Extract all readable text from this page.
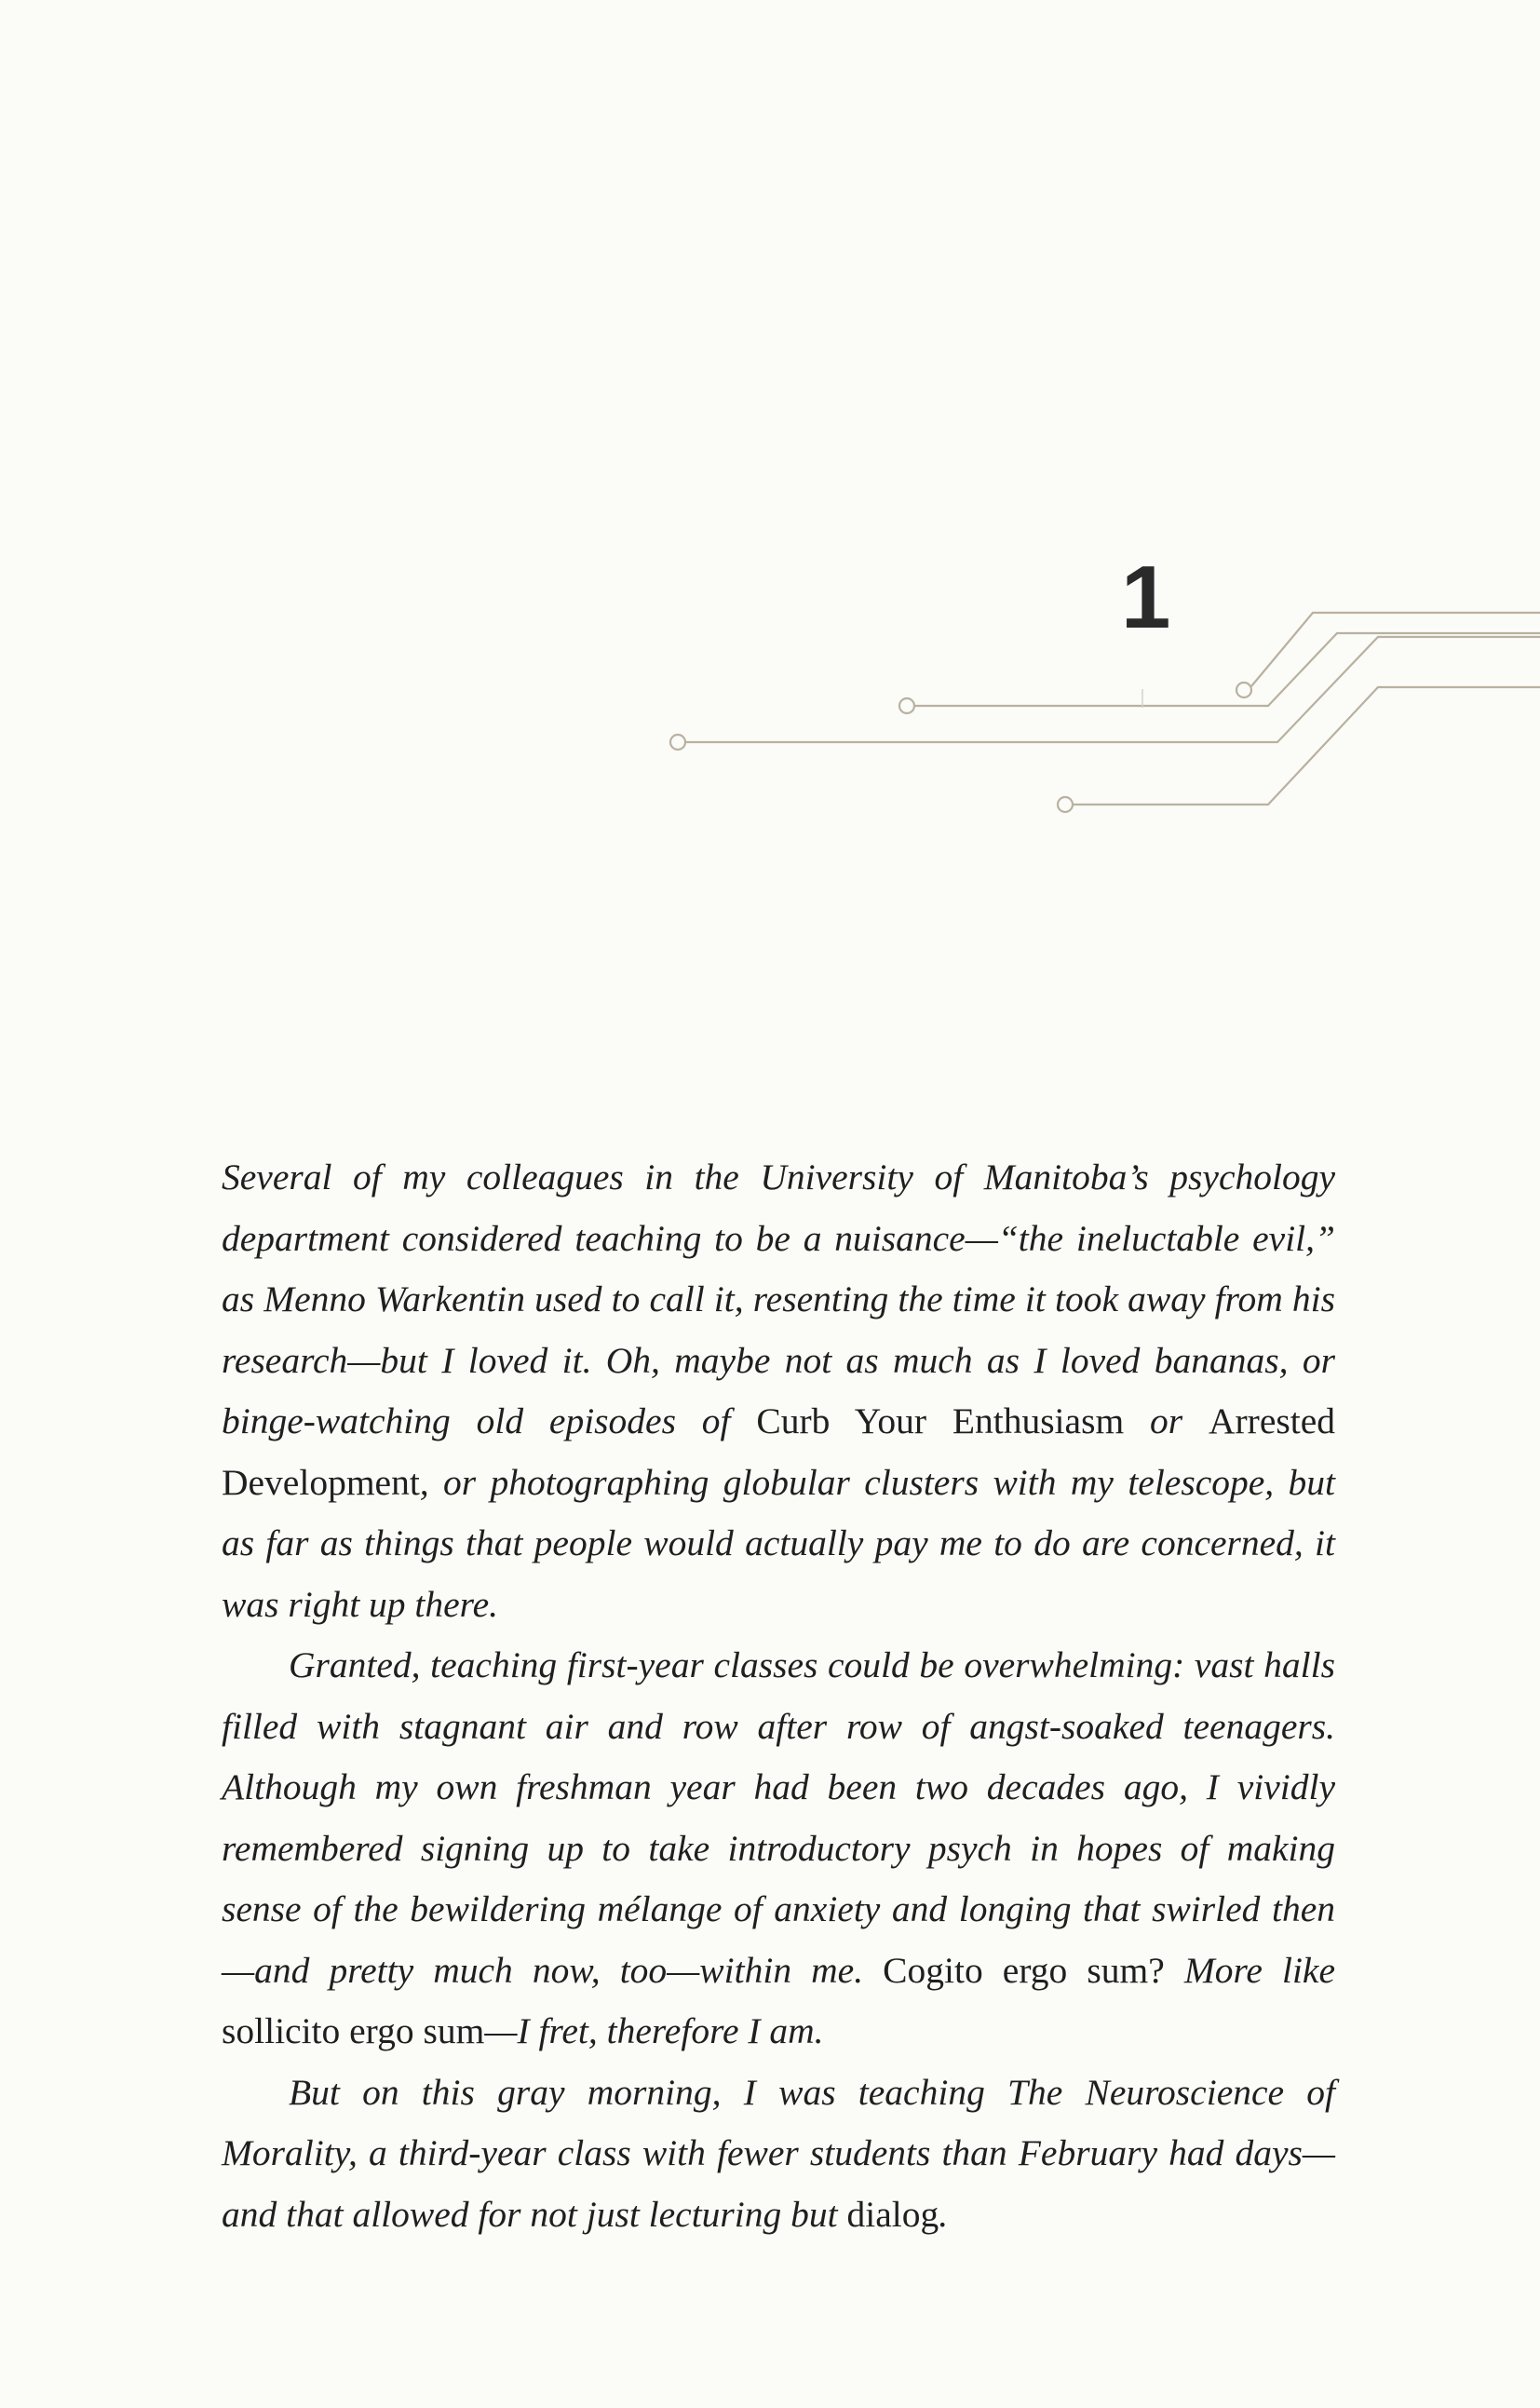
1

Several of my colleagues in the University of Manitoba’s psychology department considered teaching to be a nuisance—“the ineluctable evil,” as Menno Warkentin used to call it, resenting the time it took away from his research—but I loved it. Oh, maybe not as much as I loved bananas, or binge-watching old episodes of Curb Your Enthusiasm or Arrested Development, or photographing globular clusters with my telescope, but as far as things that people would actually pay me to do are concerned, it was right up there.

Granted, teaching first-year classes could be overwhelming: vast halls filled with stagnant air and row after row of angst-soaked teenagers. Although my own freshman year had been two decades ago, I vividly remembered signing up to take introductory psych in hopes of making sense of the bewildering mélange of anxiety and longing that swirled then—and pretty much now, too—within me. Cogito ergo sum? More like sollicito ergo sum—I fret, therefore I am.

But on this gray morning, I was teaching The Neuroscience of Morality, a third-year class with fewer students than February had days—and that allowed for not just lecturing but dialog.
